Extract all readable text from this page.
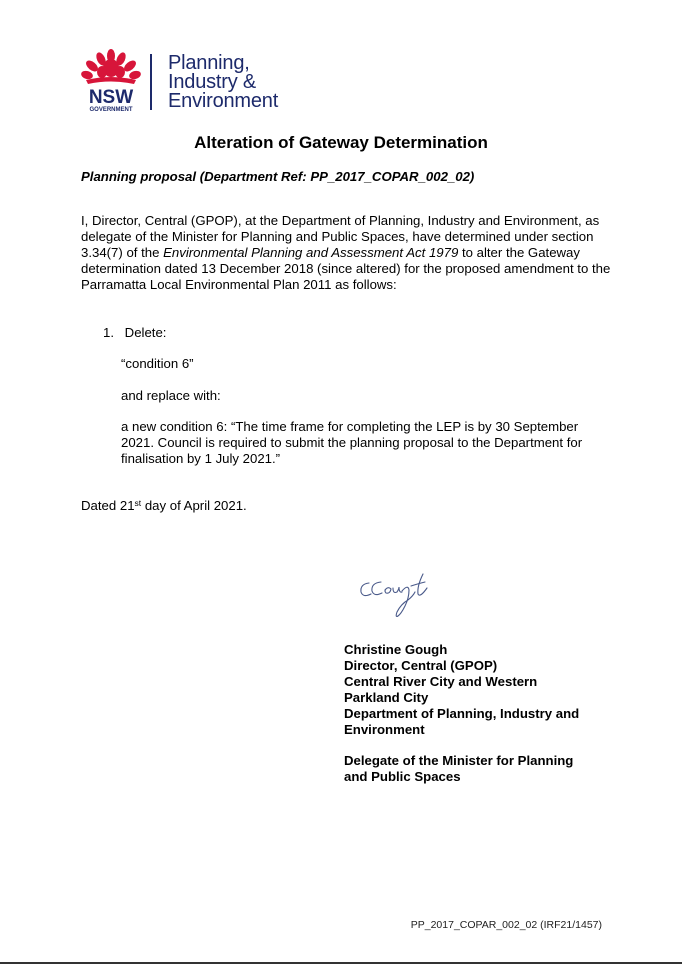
NSW
GOVERNMENT
Planning,
Industry &
Environment
Alteration of Gateway Determination
Planning proposal (Department Ref: PP_2017_COPAR_002_02)
I, Director, Central (GPOP), at the Department of Planning, Industry and Environment, as delegate of the Minister for Planning and Public Spaces, have determined under section 3.34(7) of the Environmental Planning and Assessment Act 1979 to alter the Gateway determination dated 13 December 2018 (since altered) for the proposed amendment to the Parramatta Local Environmental Plan 2011 as follows:
1. Delete:
“condition 6”
and replace with:
a new condition 6: “The time frame for completing the LEP is by 30 September 2021. Council is required to submit the planning proposal to the Department for finalisation by 1 July 2021.”
Dated 21st day of April 2021.
Christine Gough
Director, Central (GPOP)
Central River City and Western
Parkland City
Department of Planning, Industry and
Environment
Delegate of the Minister for Planning
and Public Spaces
PP_2017_COPAR_002_02 (IRF21/1457)
